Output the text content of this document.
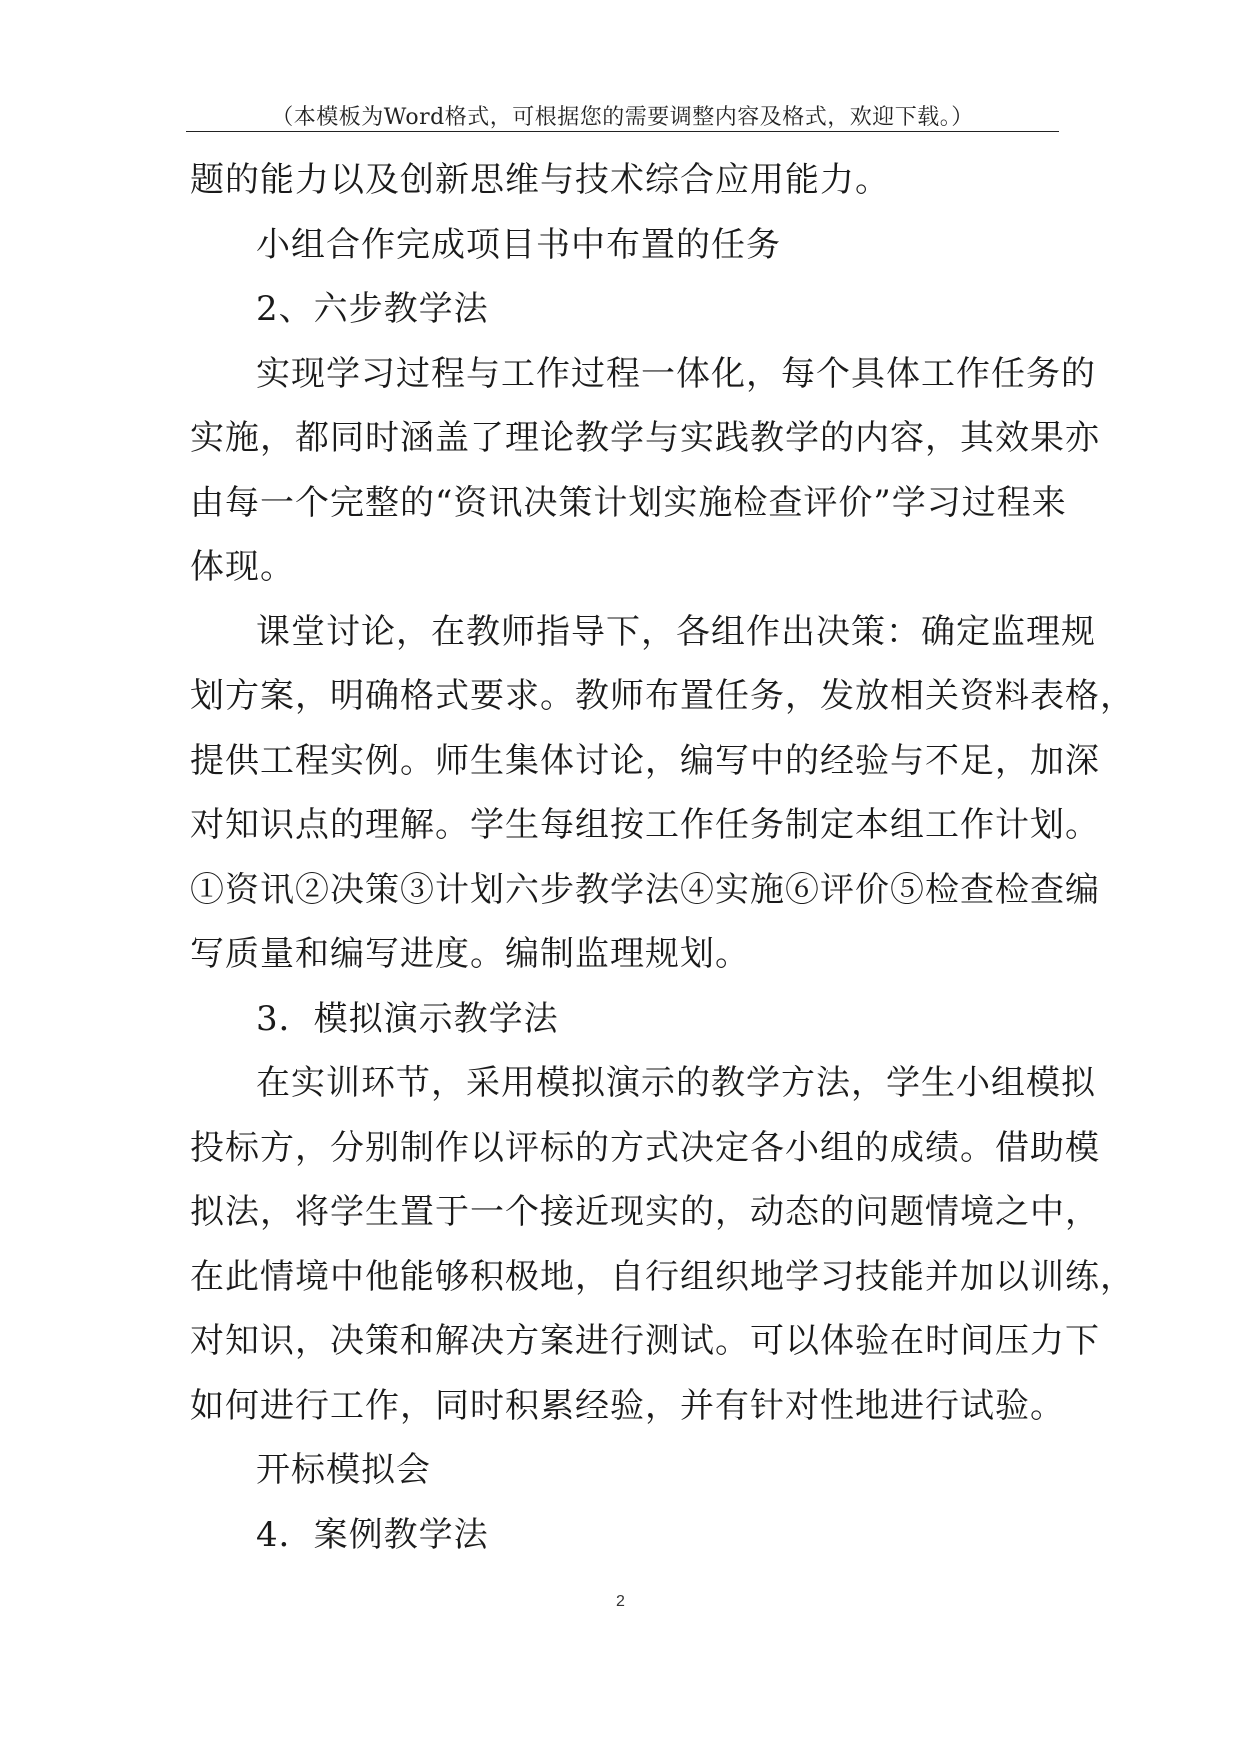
（本模板为Word格式，可根据您的需要调整内容及格式，欢迎下载。）
题的能力以及创新思维与技术综合应用能力。
小组合作完成项目书中布置的任务
2、六步教学法
实现学习过程与工作过程一体化，每个具体工作任务的
实施，都同时涵盖了理论教学与实践教学的内容，其效果亦
由每一个完整的“资讯决策计划实施检查评价”学习过程来
体现。
课堂讨论，在教师指导下，各组作出决策：确定监理规
划方案，明确格式要求。教师布置任务，发放相关资料表格，
提供工程实例。师生集体讨论，编写中的经验与不足，加深
对知识点的理解。学生每组按工作任务制定本组工作计划。
①资讯②决策③计划六步教学法④实施⑥评价⑤检查检查编
写质量和编写进度。编制监理规划。
3．模拟演示教学法
在实训环节，采用模拟演示的教学方法，学生小组模拟
投标方，分别制作以评标的方式决定各小组的成绩。借助模
拟法，将学生置于一个接近现实的，动态的问题情境之中，
在此情境中他能够积极地，自行组织地学习技能并加以训练，
对知识，决策和解决方案进行测试。可以体验在时间压力下
如何进行工作，同时积累经验，并有针对性地进行试验。
开标模拟会
4．案例教学法
2
